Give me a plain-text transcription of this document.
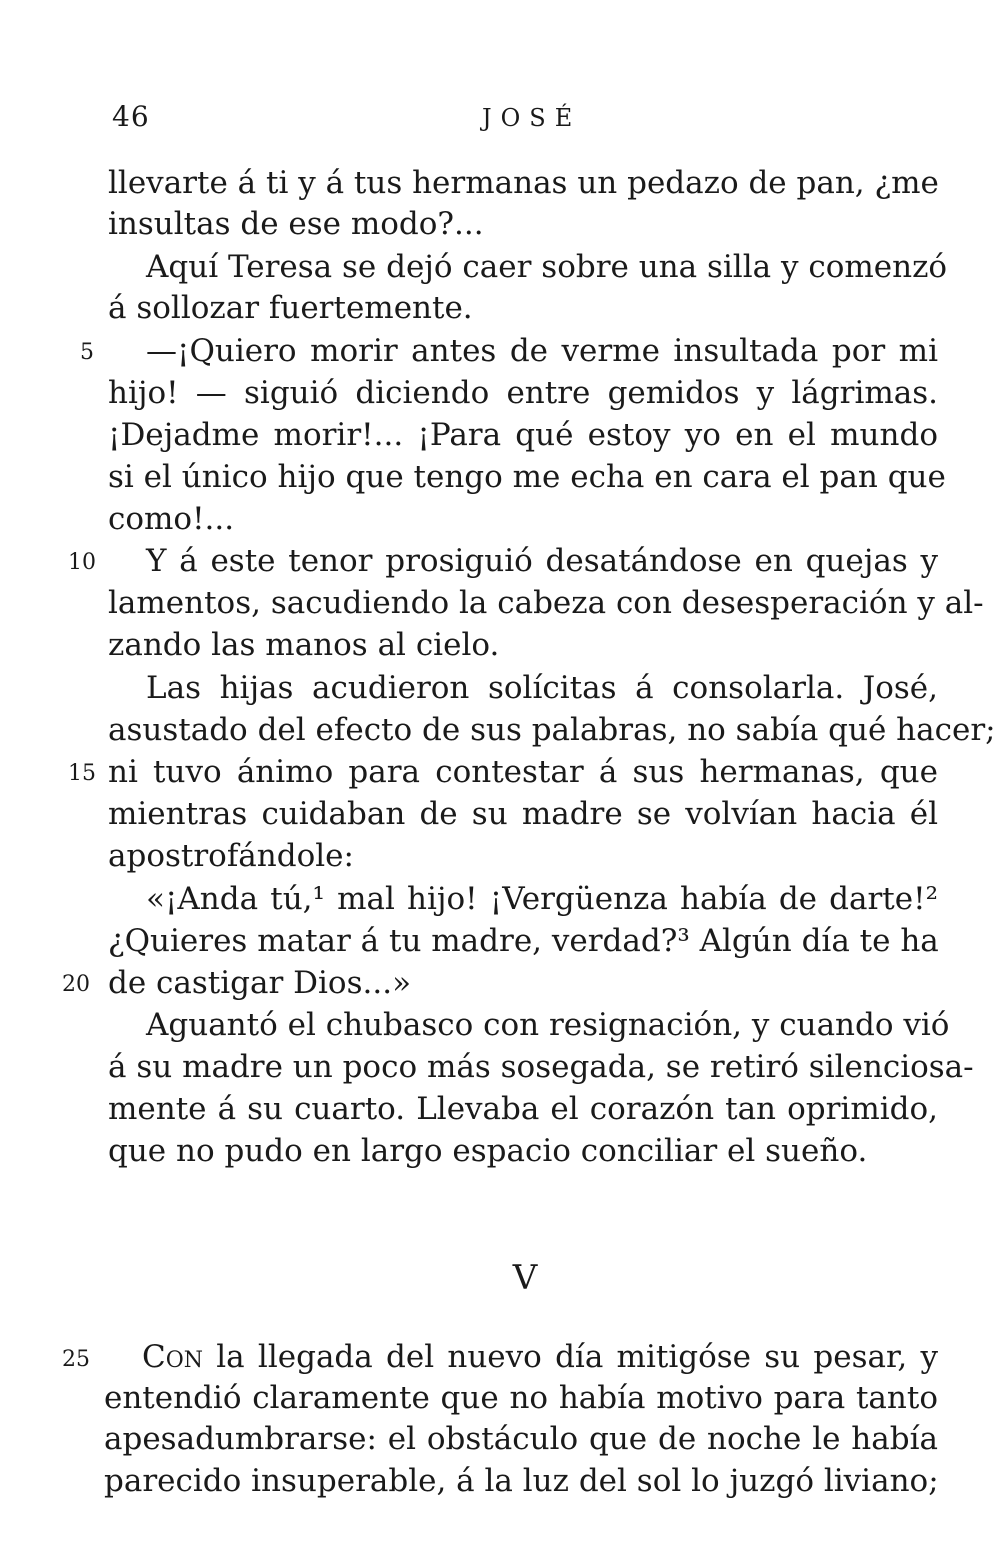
46	JOSÉ
llevarte á ti y á tus hermanas un pedazo de pan, ¿me
insultas de ese modo?...
Aquí Teresa se dejó caer sobre una silla y comenzó
á sollozar fuertemente.
—¡Quiero morir antes de verme insultada por mi
hijo! — siguió diciendo entre gemidos y lágrimas.
¡Dejadme morir!... ¡Para qué estoy yo en el mundo
si el único hijo que tengo me echa en cara el pan que
como!...
Y á este tenor prosiguió desatándose en quejas y
lamentos, sacudiendo la cabeza con desesperación y al-
zando las manos al cielo.
Las hijas acudieron solícitas á consolarla. José,
asustado del efecto de sus palabras, no sabía qué hacer;
ni tuvo ánimo para contestar á sus hermanas, que
mientras cuidaban de su madre se volvían hacia él
apostrofándole:
«¡Anda tú,¹ mal hijo! ¡Vergüenza había de darte!²
¿Quieres matar á tu madre, verdad?³ Algún día te ha
de castigar Dios...»
Aguantó el chubasco con resignación, y cuando vió
á su madre un poco más sosegada, se retiró silenciosa-
mente á su cuarto. Llevaba el corazón tan oprimido,
que no pudo en largo espacio conciliar el sueño.
5
10
15
20
25
V
Con la llegada del nuevo día mitigóse su pesar, y
entendió claramente que no había motivo para tanto
apesadumbrarse: el obstáculo que de noche le había
parecido insuperable, á la luz del sol lo juzgó liviano;
